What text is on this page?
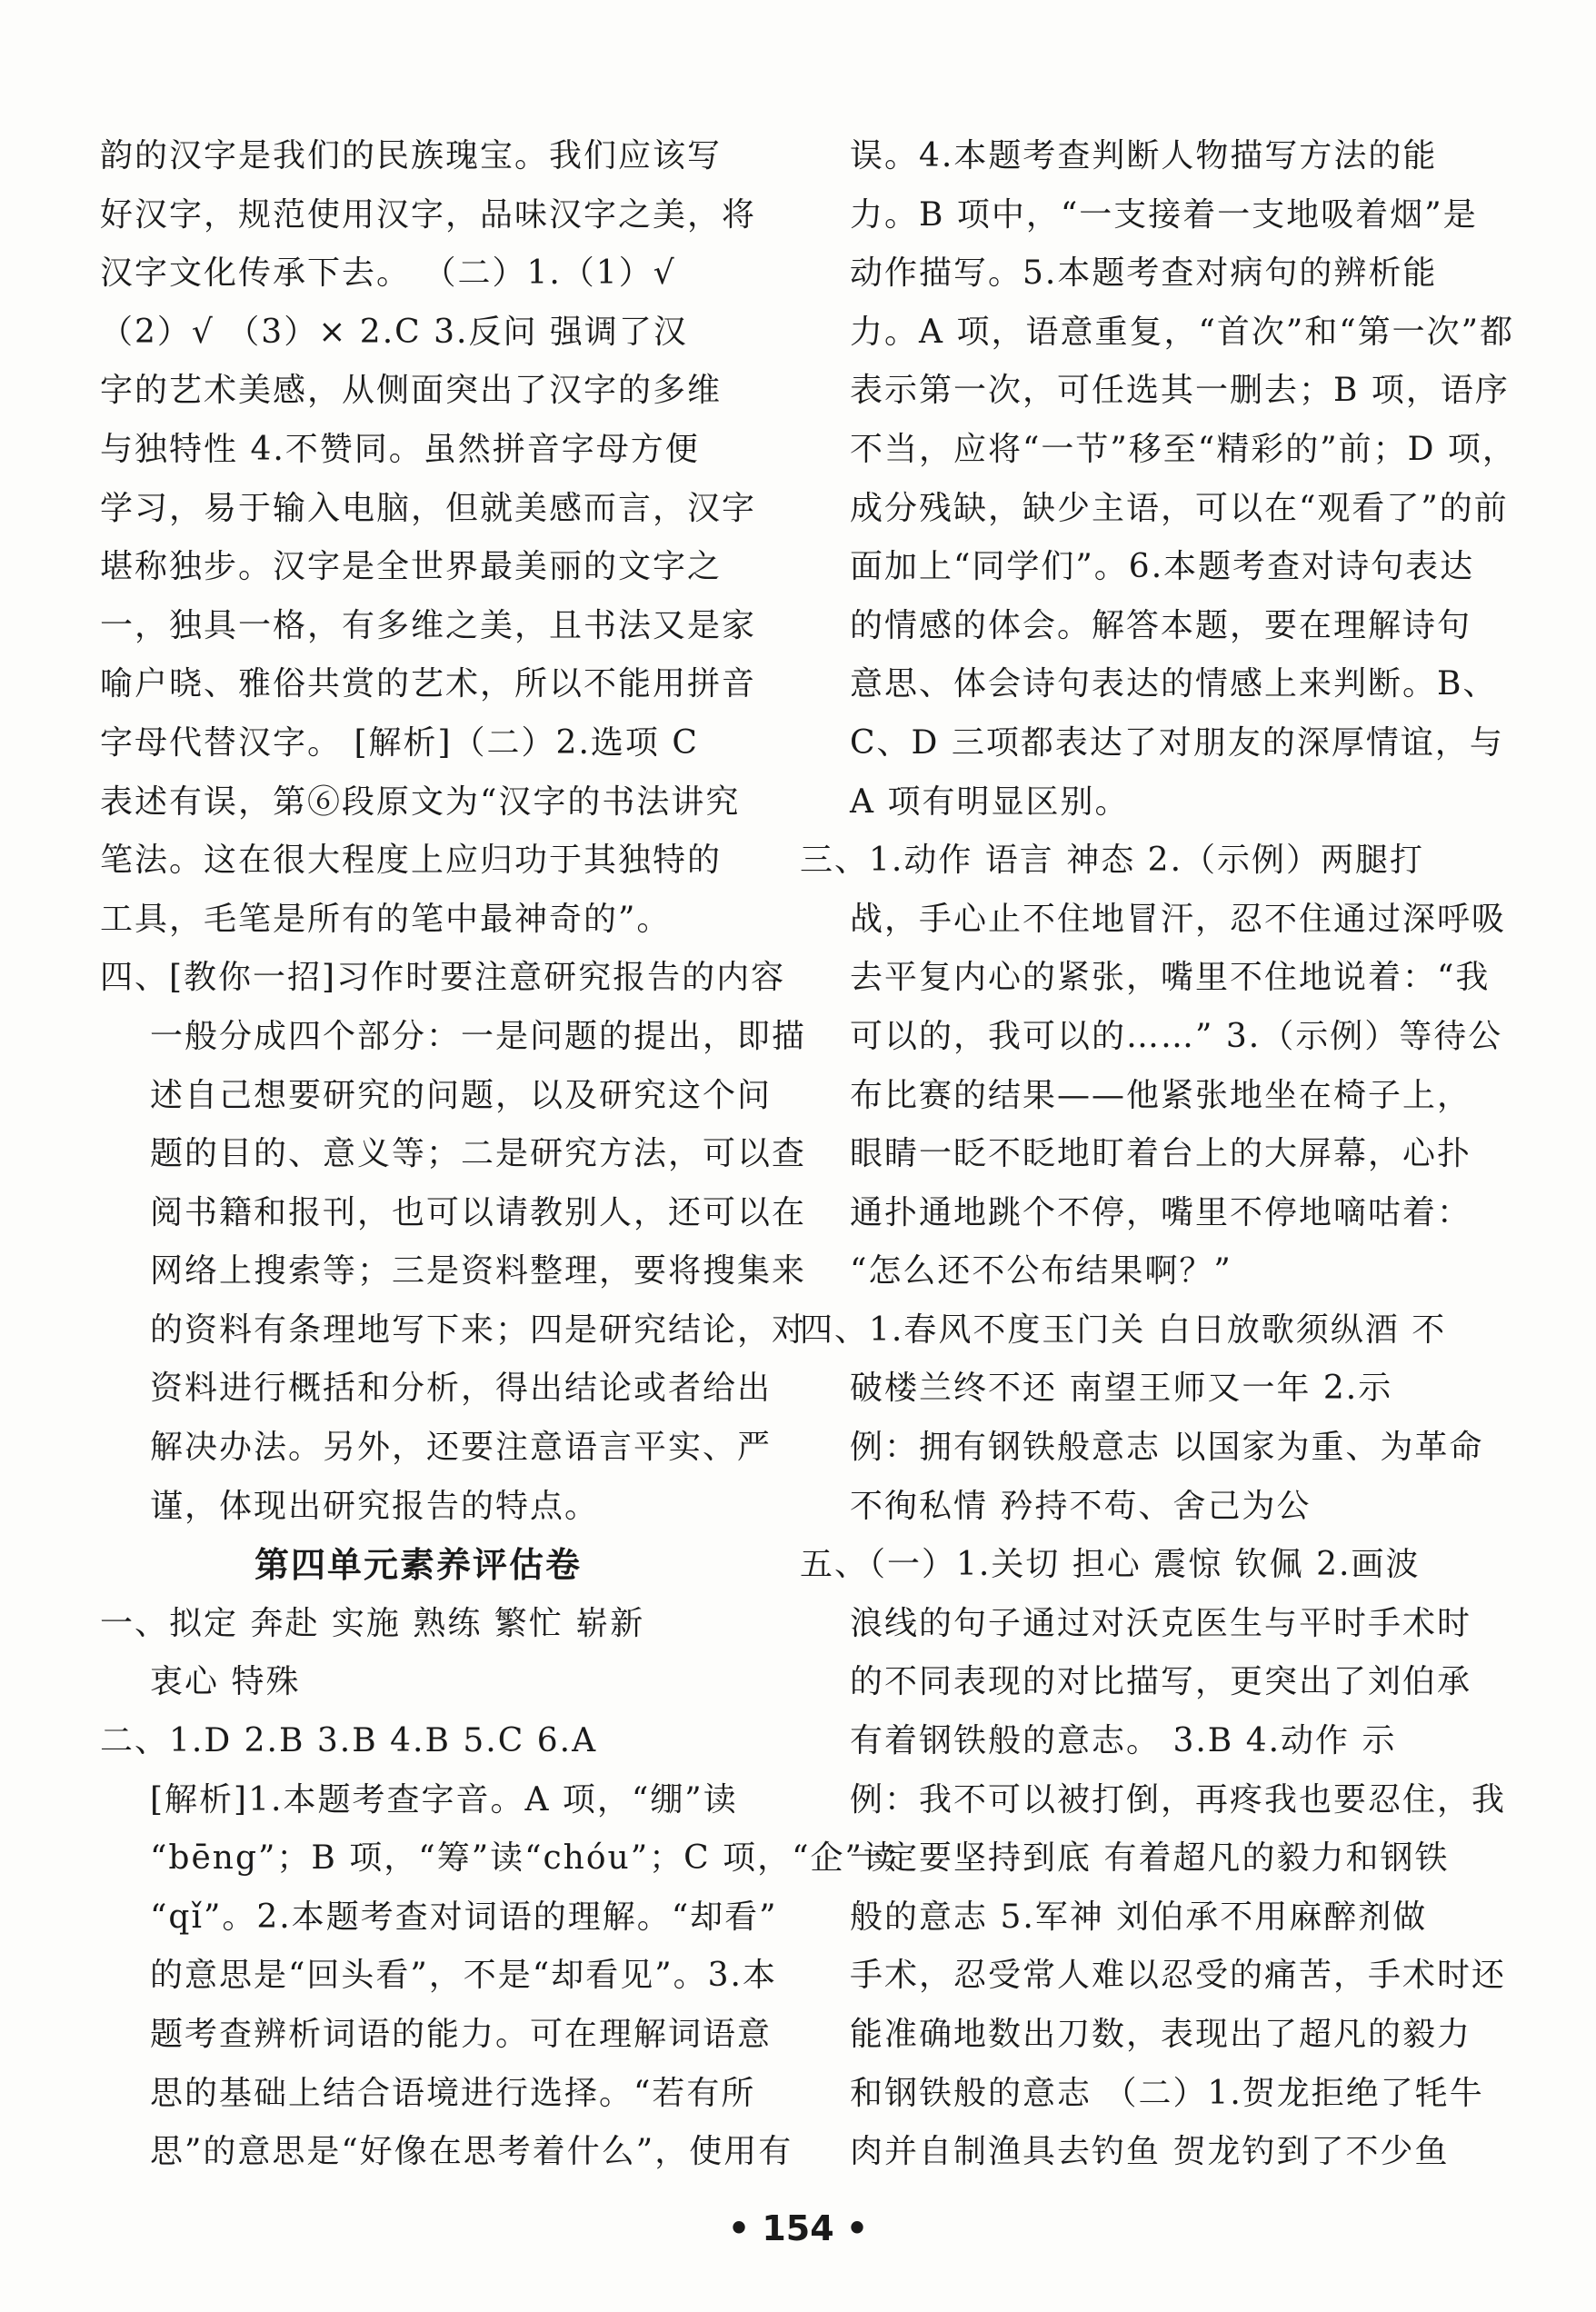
韵的汉字是我们的民族瑰宝。我们应该写
好汉字，规范使用汉字，品味汉字之美，将
汉字文化传承下去。 （二）1.（1）√
（2）√ （3）× 2.C 3.反问 强调了汉
字的艺术美感，从侧面突出了汉字的多维
与独特性 4.不赞同。虽然拼音字母方便
学习，易于输入电脑，但就美感而言，汉字
堪称独步。汉字是全世界最美丽的文字之
一，独具一格，有多维之美，且书法又是家
喻户晓、雅俗共赏的艺术，所以不能用拼音
字母代替汉字。 [解析]（二）2.选项 C
表述有误，第⑥段原文为“汉字的书法讲究
笔法。这在很大程度上应归功于其独特的
工具，毛笔是所有的笔中最神奇的”。
四、[教你一招]习作时要注意研究报告的内容
一般分成四个部分：一是问题的提出，即描
述自己想要研究的问题，以及研究这个问
题的目的、意义等；二是研究方法，可以查
阅书籍和报刊，也可以请教别人，还可以在
网络上搜索等；三是资料整理，要将搜集来
的资料有条理地写下来；四是研究结论，对
资料进行概括和分析，得出结论或者给出
解决办法。另外，还要注意语言平实、严
谨，体现出研究报告的特点。
第四单元素养评估卷
一、拟定 奔赴 实施 熟练 繁忙 崭新
衷心 特殊
二、1.D 2.B 3.B 4.B 5.C 6.A
[解析]1.本题考查字音。A 项，“绷”读
“bēng”；B 项，“筹”读“chóu”；C 项，“企”读
“qǐ”。2.本题考查对词语的理解。“却看”
的意思是“回头看”，不是“却看见”。3.本
题考查辨析词语的能力。可在理解词语意
思的基础上结合语境进行选择。“若有所
思”的意思是“好像在思考着什么”，使用有
误。4.本题考查判断人物描写方法的能
力。B 项中，“一支接着一支地吸着烟”是
动作描写。5.本题考查对病句的辨析能
力。A 项，语意重复，“首次”和“第一次”都
表示第一次，可任选其一删去；B 项，语序
不当，应将“一节”移至“精彩的”前；D 项，
成分残缺，缺少主语，可以在“观看了”的前
面加上“同学们”。6.本题考查对诗句表达
的情感的体会。解答本题，要在理解诗句
意思、体会诗句表达的情感上来判断。B、
C、D 三项都表达了对朋友的深厚情谊，与
A 项有明显区别。
三、1.动作 语言 神态 2.（示例）两腿打
战，手心止不住地冒汗，忍不住通过深呼吸
去平复内心的紧张，嘴里不住地说着：“我
可以的，我可以的……” 3.（示例）等待公
布比赛的结果——他紧张地坐在椅子上，
眼睛一眨不眨地盯着台上的大屏幕，心扑
通扑通地跳个不停，嘴里不停地嘀咕着：
“怎么还不公布结果啊？”
四、1.春风不度玉门关 白日放歌须纵酒 不
破楼兰终不还 南望王师又一年 2.示
例：拥有钢铁般意志 以国家为重、为革命
不徇私情 矜持不苟、舍己为公
五、（一）1.关切 担心 震惊 钦佩 2.画波
浪线的句子通过对沃克医生与平时手术时
的不同表现的对比描写，更突出了刘伯承
有着钢铁般的意志。 3.B 4.动作 示
例：我不可以被打倒，再疼我也要忍住，我
一定要坚持到底 有着超凡的毅力和钢铁
般的意志 5.军神 刘伯承不用麻醉剂做
手术，忍受常人难以忍受的痛苦，手术时还
能准确地数出刀数，表现出了超凡的毅力
和钢铁般的意志 （二）1.贺龙拒绝了牦牛
肉并自制渔具去钓鱼 贺龙钓到了不少鱼
• 154 •
